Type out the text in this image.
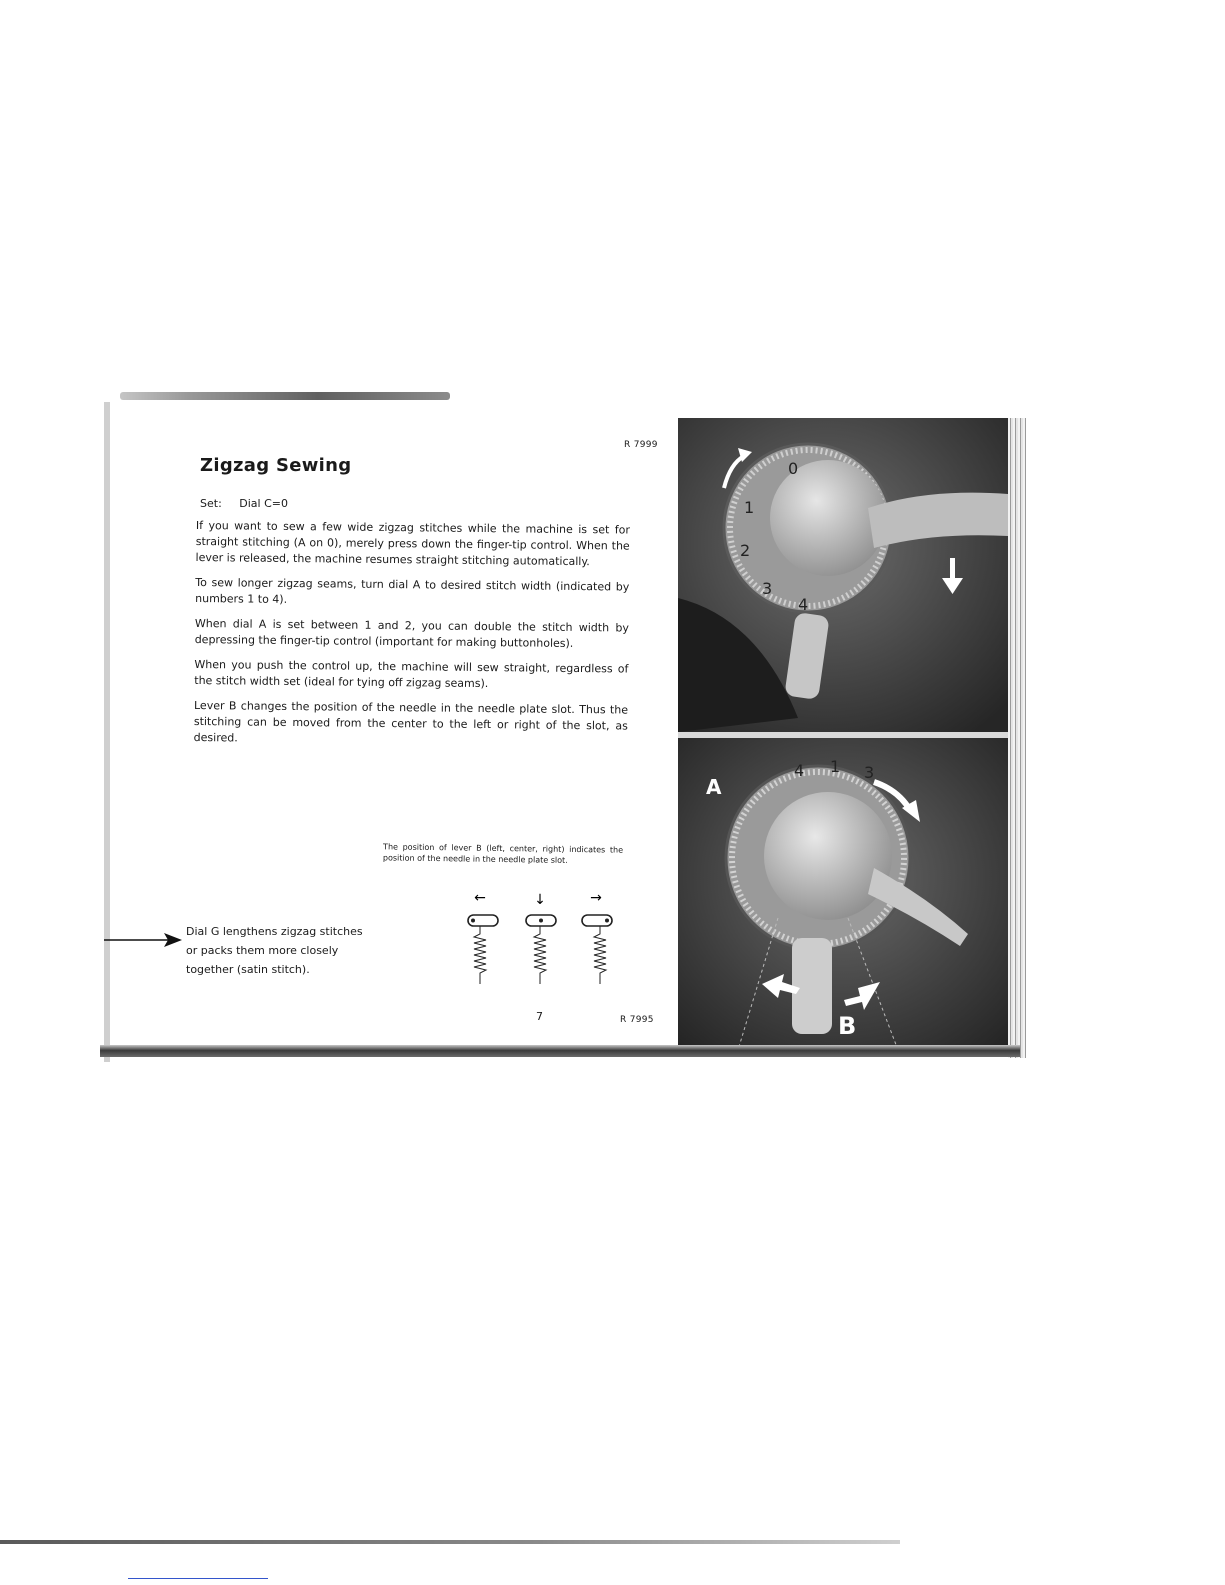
R 7999
R 7995
Zigzag Sewing
Set: Dial C=0

If you want to sew a few wide zigzag stitches while the machine is set for straight stitching (A on 0), merely press down the finger-tip control. When the lever is released, the machine resumes straight stitching automatically.

To sew longer zigzag seams, turn dial A to desired stitch width (indicated by numbers 1 to 4).

When dial A is set between 1 and 2, you can double the stitch width by depressing the finger-tip control (important for making buttonholes).

When you push the control up, the machine will sew straight, regardless of the stitch width set (ideal for tying off zigzag seams).

Lever B changes the position of the needle in the needle plate slot. Thus the stitching can be moved from the center to the left or right of the slot, as desired.

The position of lever B (left, center, right) indicates the position of the needle in the needle plate slot.
←	↓	→
Dial G lengthens zigzag stitches or packs them more closely together (satin stitch).
7
0
1
2
3
4
4 1 3
A
B
